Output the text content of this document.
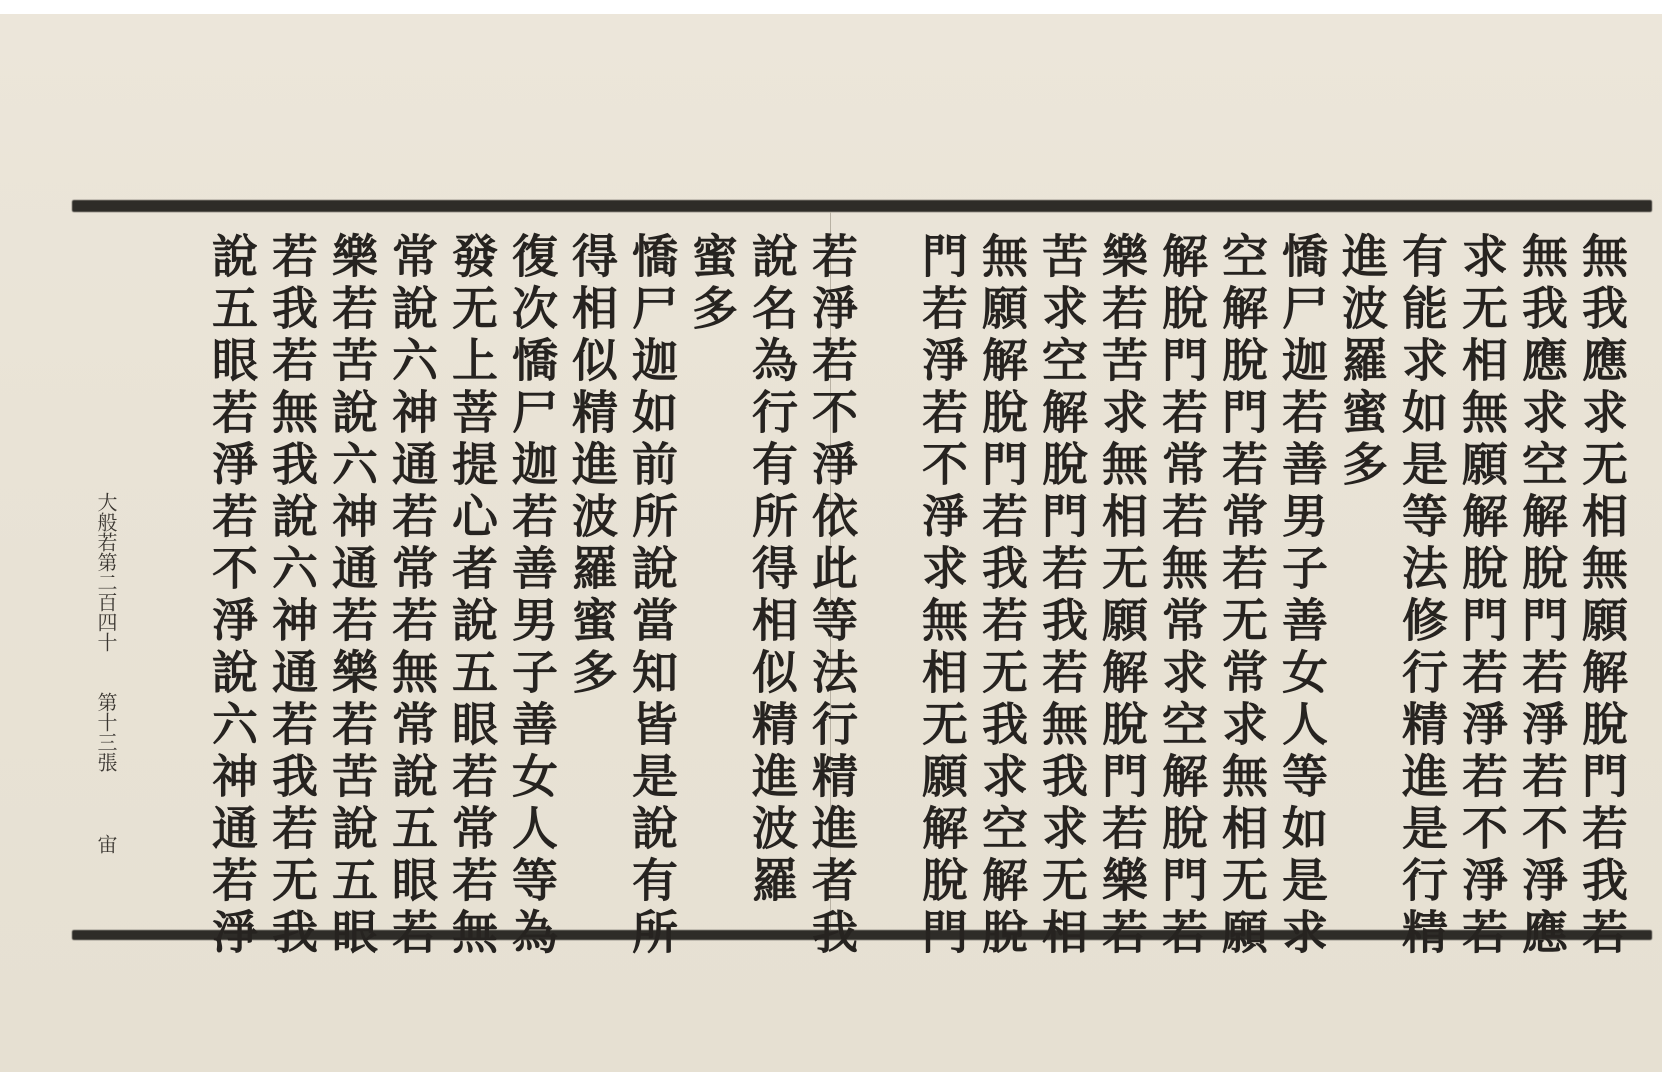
無我應求无相無願解脫門若我若
無我應求空解脫門若淨若不淨應
求无相無願解脫門若淨若不淨若
有能求如是等法修行精進是行精
進波羅蜜多
憍尸迦若善男子善女人等如是求
空解脫門若常若无常求無相无願
解脫門若常若無常求空解脫門若
樂若苦求無相无願解脫門若樂若
苦求空解脫門若我若無我求无相
無願解脫門若我若无我求空解脫
門若淨若不淨求無相无願解脫門
若淨若不淨依此等法行精進者我
說名為行有所得相似精進波羅
蜜多
憍尸迦如前所說當知皆是說有所
得相似精進波羅蜜多
復次憍尸迦若善男子善女人等為
發无上菩提心者說五眼若常若無
常說六神通若常若無常說五眼若
樂若苦說六神通若樂若苦說五眼
若我若無我說六神通若我若无我
說五眼若淨若不淨說六神通若淨
大般若第二百四十
第十三張
宙
